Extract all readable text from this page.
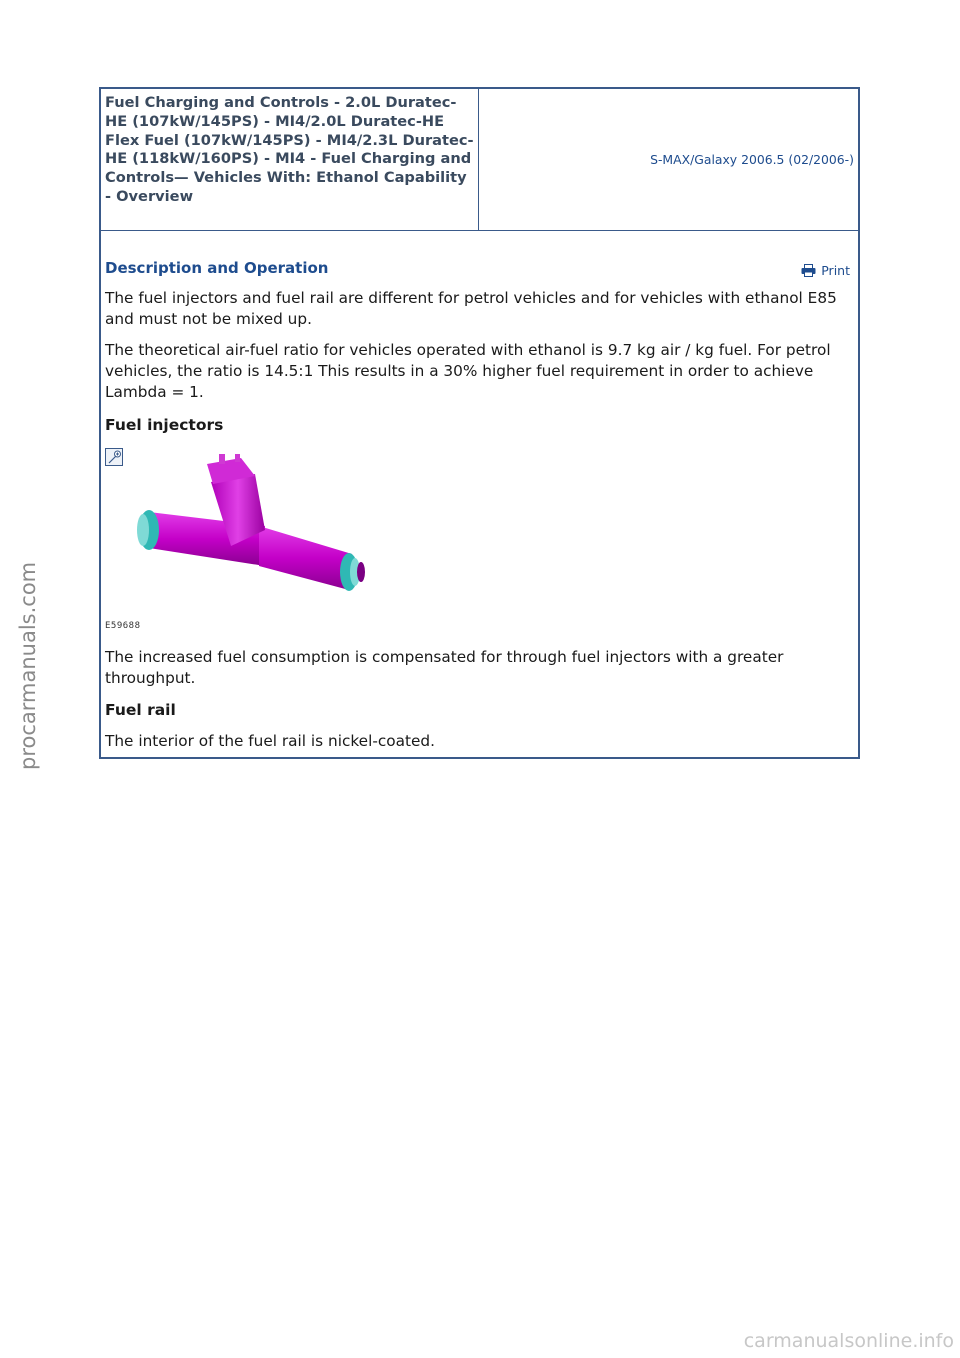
Fuel Charging and Controls - 2.0L Duratec-HE (107kW/145PS) - MI4/2.0L Duratec-HE Flex Fuel (107kW/145PS) - MI4/2.3L Duratec-HE (118kW/160PS) - MI4 - Fuel Charging and Controls— Vehicles With: Ethanol Capability - Overview
S-MAX/Galaxy 2006.5 (02/2006-)
Print
Description and Operation

The fuel injectors and fuel rail are different for petrol vehicles and for vehicles with ethanol E85 and must not be mixed up.

The theoretical air-fuel ratio for vehicles operated with ethanol is 9.7 kg air / kg fuel. For petrol vehicles, the ratio is 14.5:1 This results in a 30% higher fuel requirement in order to achieve Lambda = 1.

Fuel injectors
E59688

The increased fuel consumption is compensated for through fuel injectors with a greater throughput.

Fuel rail

The interior of the fuel rail is nickel-coated.

procarmanuals.com
carmanualsonline.info
